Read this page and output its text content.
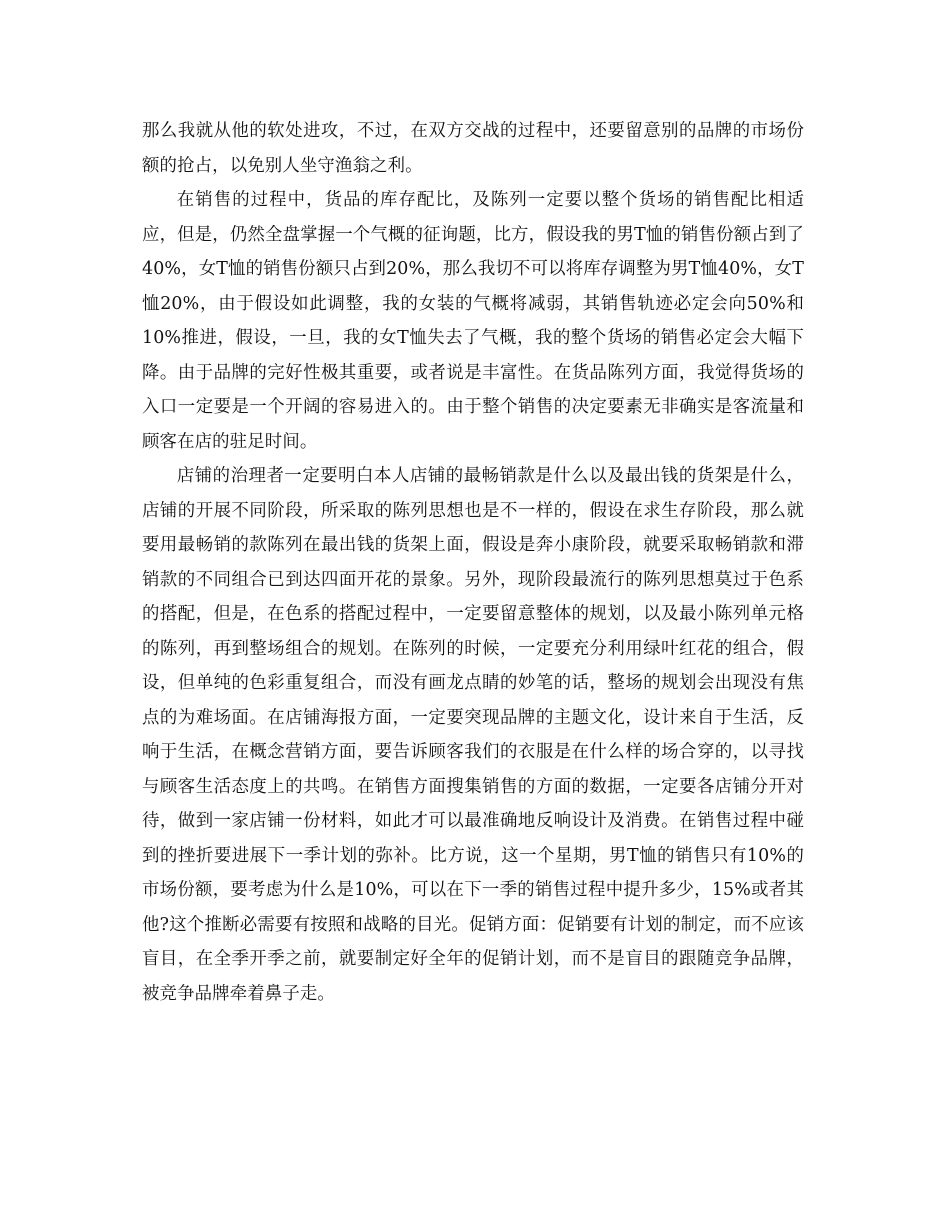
那么我就从他的软处进攻，不过，在双方交战的过程中，还要留意别的品牌的市场份额的抢占，以免别人坐守渔翁之利。

在销售的过程中，货品的库存配比，及陈列一定要以整个货场的销售配比相适应，但是，仍然全盘掌握一个气概的征询题，比方，假设我的男T恤的销售份额占到了40%，女T恤的销售份额只占到20%，那么我切不可以将库存调整为男T恤40%，女T恤20%，由于假设如此调整，我的女装的气概将减弱，其销售轨迹必定会向50%和10%推进，假设，一旦，我的女T恤失去了气概，我的整个货场的销售必定会大幅下降。由于品牌的完好性极其重要，或者说是丰富性。在货品陈列方面，我觉得货场的入口一定要是一个开阔的容易进入的。由于整个销售的决定要素无非确实是客流量和顾客在店的驻足时间。

店铺的治理者一定要明白本人店铺的最畅销款是什么以及最出钱的货架是什么，店铺的开展不同阶段，所采取的陈列思想也是不一样的，假设在求生存阶段，那么就要用最畅销的款陈列在最出钱的货架上面，假设是奔小康阶段，就要采取畅销款和滞销款的不同组合已到达四面开花的景象。另外，现阶段最流行的陈列思想莫过于色系的搭配，但是，在色系的搭配过程中，一定要留意整体的规划，以及最小陈列单元格的陈列，再到整场组合的规划。在陈列的时候，一定要充分利用绿叶红花的组合，假设，但单纯的色彩重复组合，而没有画龙点睛的妙笔的话，整场的规划会出现没有焦点的为难场面。在店铺海报方面，一定要突现品牌的主题文化，设计来自于生活，反响于生活，在概念营销方面，要告诉顾客我们的衣服是在什么样的场合穿的，以寻找与顾客生活态度上的共鸣。在销售方面搜集销售的方面的数据，一定要各店铺分开对待，做到一家店铺一份材料，如此才可以最准确地反响设计及消费。在销售过程中碰到的挫折要进展下一季计划的弥补。比方说，这一个星期，男T恤的销售只有10%的市场份额，要考虑为什么是10%，可以在下一季的销售过程中提升多少，15%或者其他?这个推断必需要有按照和战略的目光。促销方面：促销要有计划的制定，而不应该盲目，在全季开季之前，就要制定好全年的促销计划，而不是盲目的跟随竞争品牌，被竞争品牌牵着鼻子走。
